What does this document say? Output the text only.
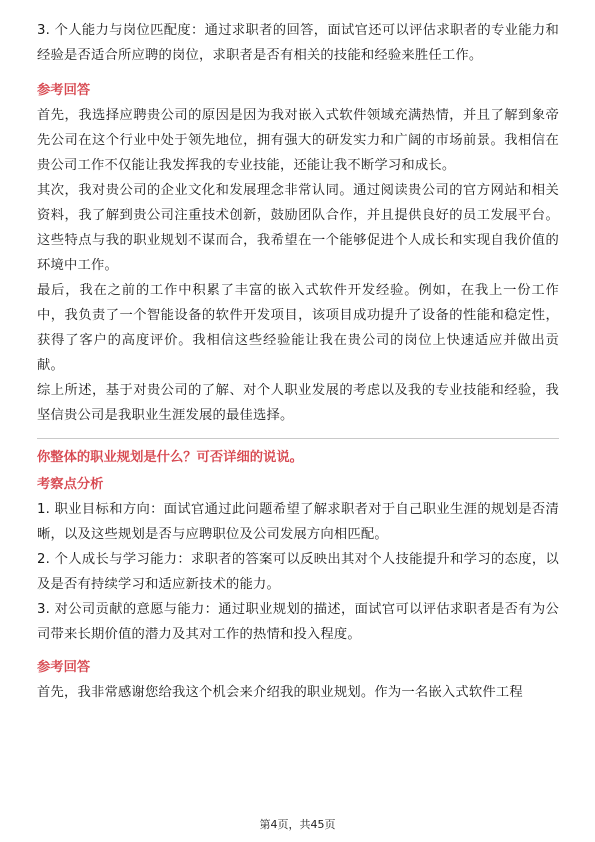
3. 个人能力与岗位匹配度：通过求职者的回答，面试官还可以评估求职者的专业能力和经验是否适合所应聘的岗位，求职者是否有相关的技能和经验来胜任工作。

参考回答

首先，我选择应聘贵公司的原因是因为我对嵌入式软件领域充满热情，并且了解到象帝先公司在这个行业中处于领先地位，拥有强大的研发实力和广阔的市场前景。我相信在贵公司工作不仅能让我发挥我的专业技能，还能让我不断学习和成长。

其次，我对贵公司的企业文化和发展理念非常认同。通过阅读贵公司的官方网站和相关资料，我了解到贵公司注重技术创新，鼓励团队合作，并且提供良好的员工发展平台。这些特点与我的职业规划不谋而合，我希望在一个能够促进个人成长和实现自我价值的环境中工作。

最后，我在之前的工作中积累了丰富的嵌入式软件开发经验。例如，在我上一份工作中，我负责了一个智能设备的软件开发项目，该项目成功提升了设备的性能和稳定性，获得了客户的高度评价。我相信这些经验能让我在贵公司的岗位上快速适应并做出贡献。

综上所述，基于对贵公司的了解、对个人职业发展的考虑以及我的专业技能和经验，我坚信贵公司是我职业生涯发展的最佳选择。

你整体的职业规划是什么？可否详细的说说。

考察点分析

1. 职业目标和方向：面试官通过此问题希望了解求职者对于自己职业生涯的规划是否清晰，以及这些规划是否与应聘职位及公司发展方向相匹配。

2. 个人成长与学习能力：求职者的答案可以反映出其对个人技能提升和学习的态度，以及是否有持续学习和适应新技术的能力。

3. 对公司贡献的意愿与能力：通过职业规划的描述，面试官可以评估求职者是否有为公司带来长期价值的潜力及其对工作的热情和投入程度。

参考回答

首先，我非常感谢您给我这个机会来介绍我的职业规划。作为一名嵌入式软件工程

第4页，共45页
